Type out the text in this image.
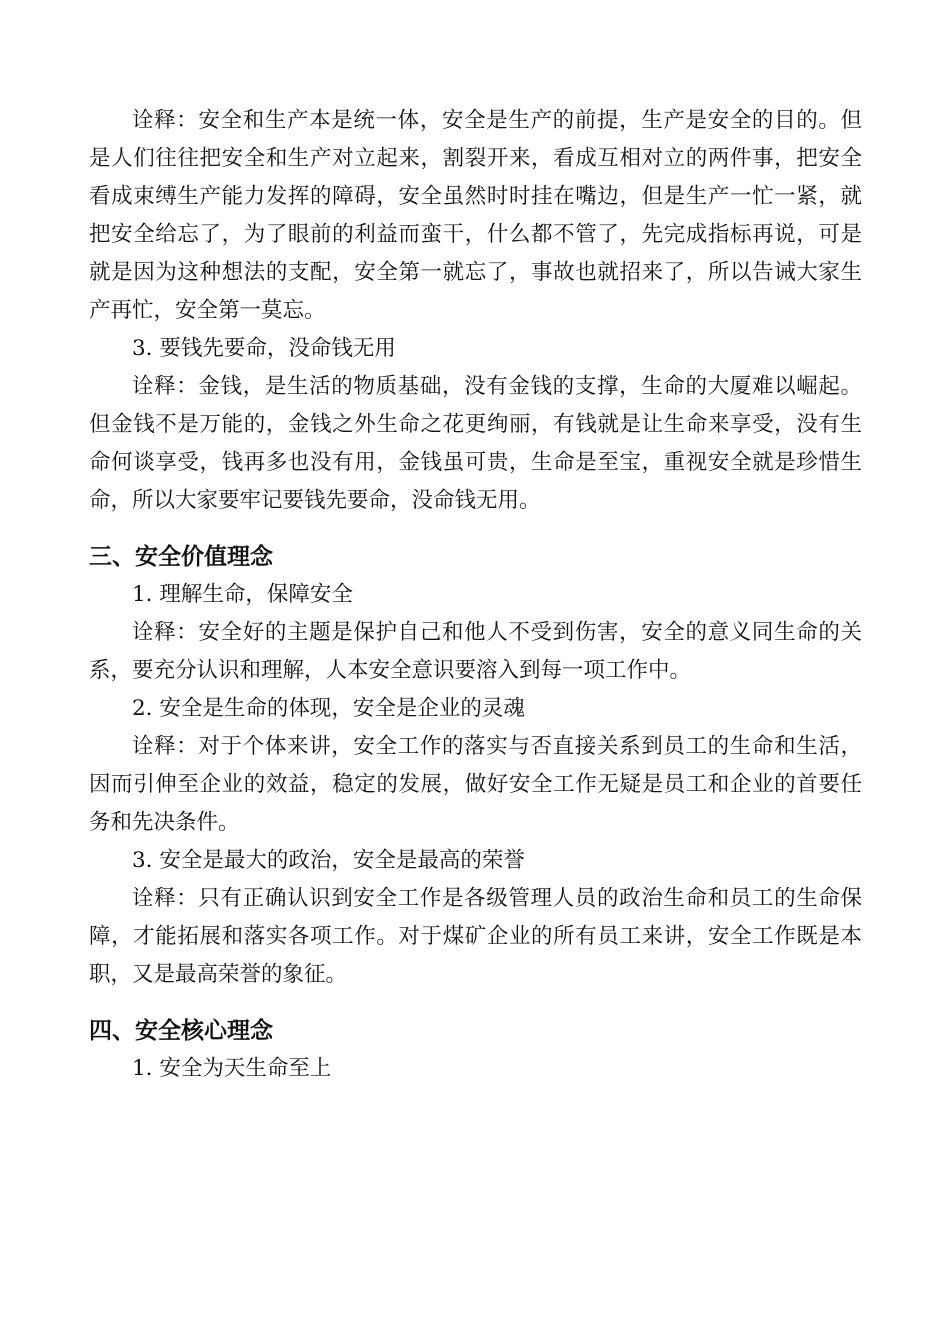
诠释：安全和生产本是统一体，安全是生产的前提，生产是安全的目的。但是人们往往把安全和生产对立起来，割裂开来，看成互相对立的两件事，把安全看成束缚生产能力发挥的障碍，安全虽然时时挂在嘴边，但是生产一忙一紧，就把安全给忘了，为了眼前的利益而蛮干，什么都不管了，先完成指标再说，可是就是因为这种想法的支配，安全第一就忘了，事故也就招来了，所以告诫大家生产再忙，安全第一莫忘。

3. 要钱先要命，没命钱无用

诠释：金钱，是生活的物质基础，没有金钱的支撑，生命的大厦难以崛起。但金钱不是万能的，金钱之外生命之花更绚丽，有钱就是让生命来享受，没有生命何谈享受，钱再多也没有用，金钱虽可贵，生命是至宝，重视安全就是珍惜生命，所以大家要牢记要钱先要命，没命钱无用。

三、安全价值理念

1. 理解生命，保障安全

诠释：安全好的主题是保护自己和他人不受到伤害，安全的意义同生命的关系，要充分认识和理解，人本安全意识要溶入到每一项工作中。

2. 安全是生命的体现，安全是企业的灵魂

诠释：对于个体来讲，安全工作的落实与否直接关系到员工的生命和生活，因而引伸至企业的效益，稳定的发展，做好安全工作无疑是员工和企业的首要任务和先决条件。

3. 安全是最大的政治，安全是最高的荣誉

诠释：只有正确认识到安全工作是各级管理人员的政治生命和员工的生命保障，才能拓展和落实各项工作。对于煤矿企业的所有员工来讲，安全工作既是本职，又是最高荣誉的象征。

四、安全核心理念

1. 安全为天生命至上
